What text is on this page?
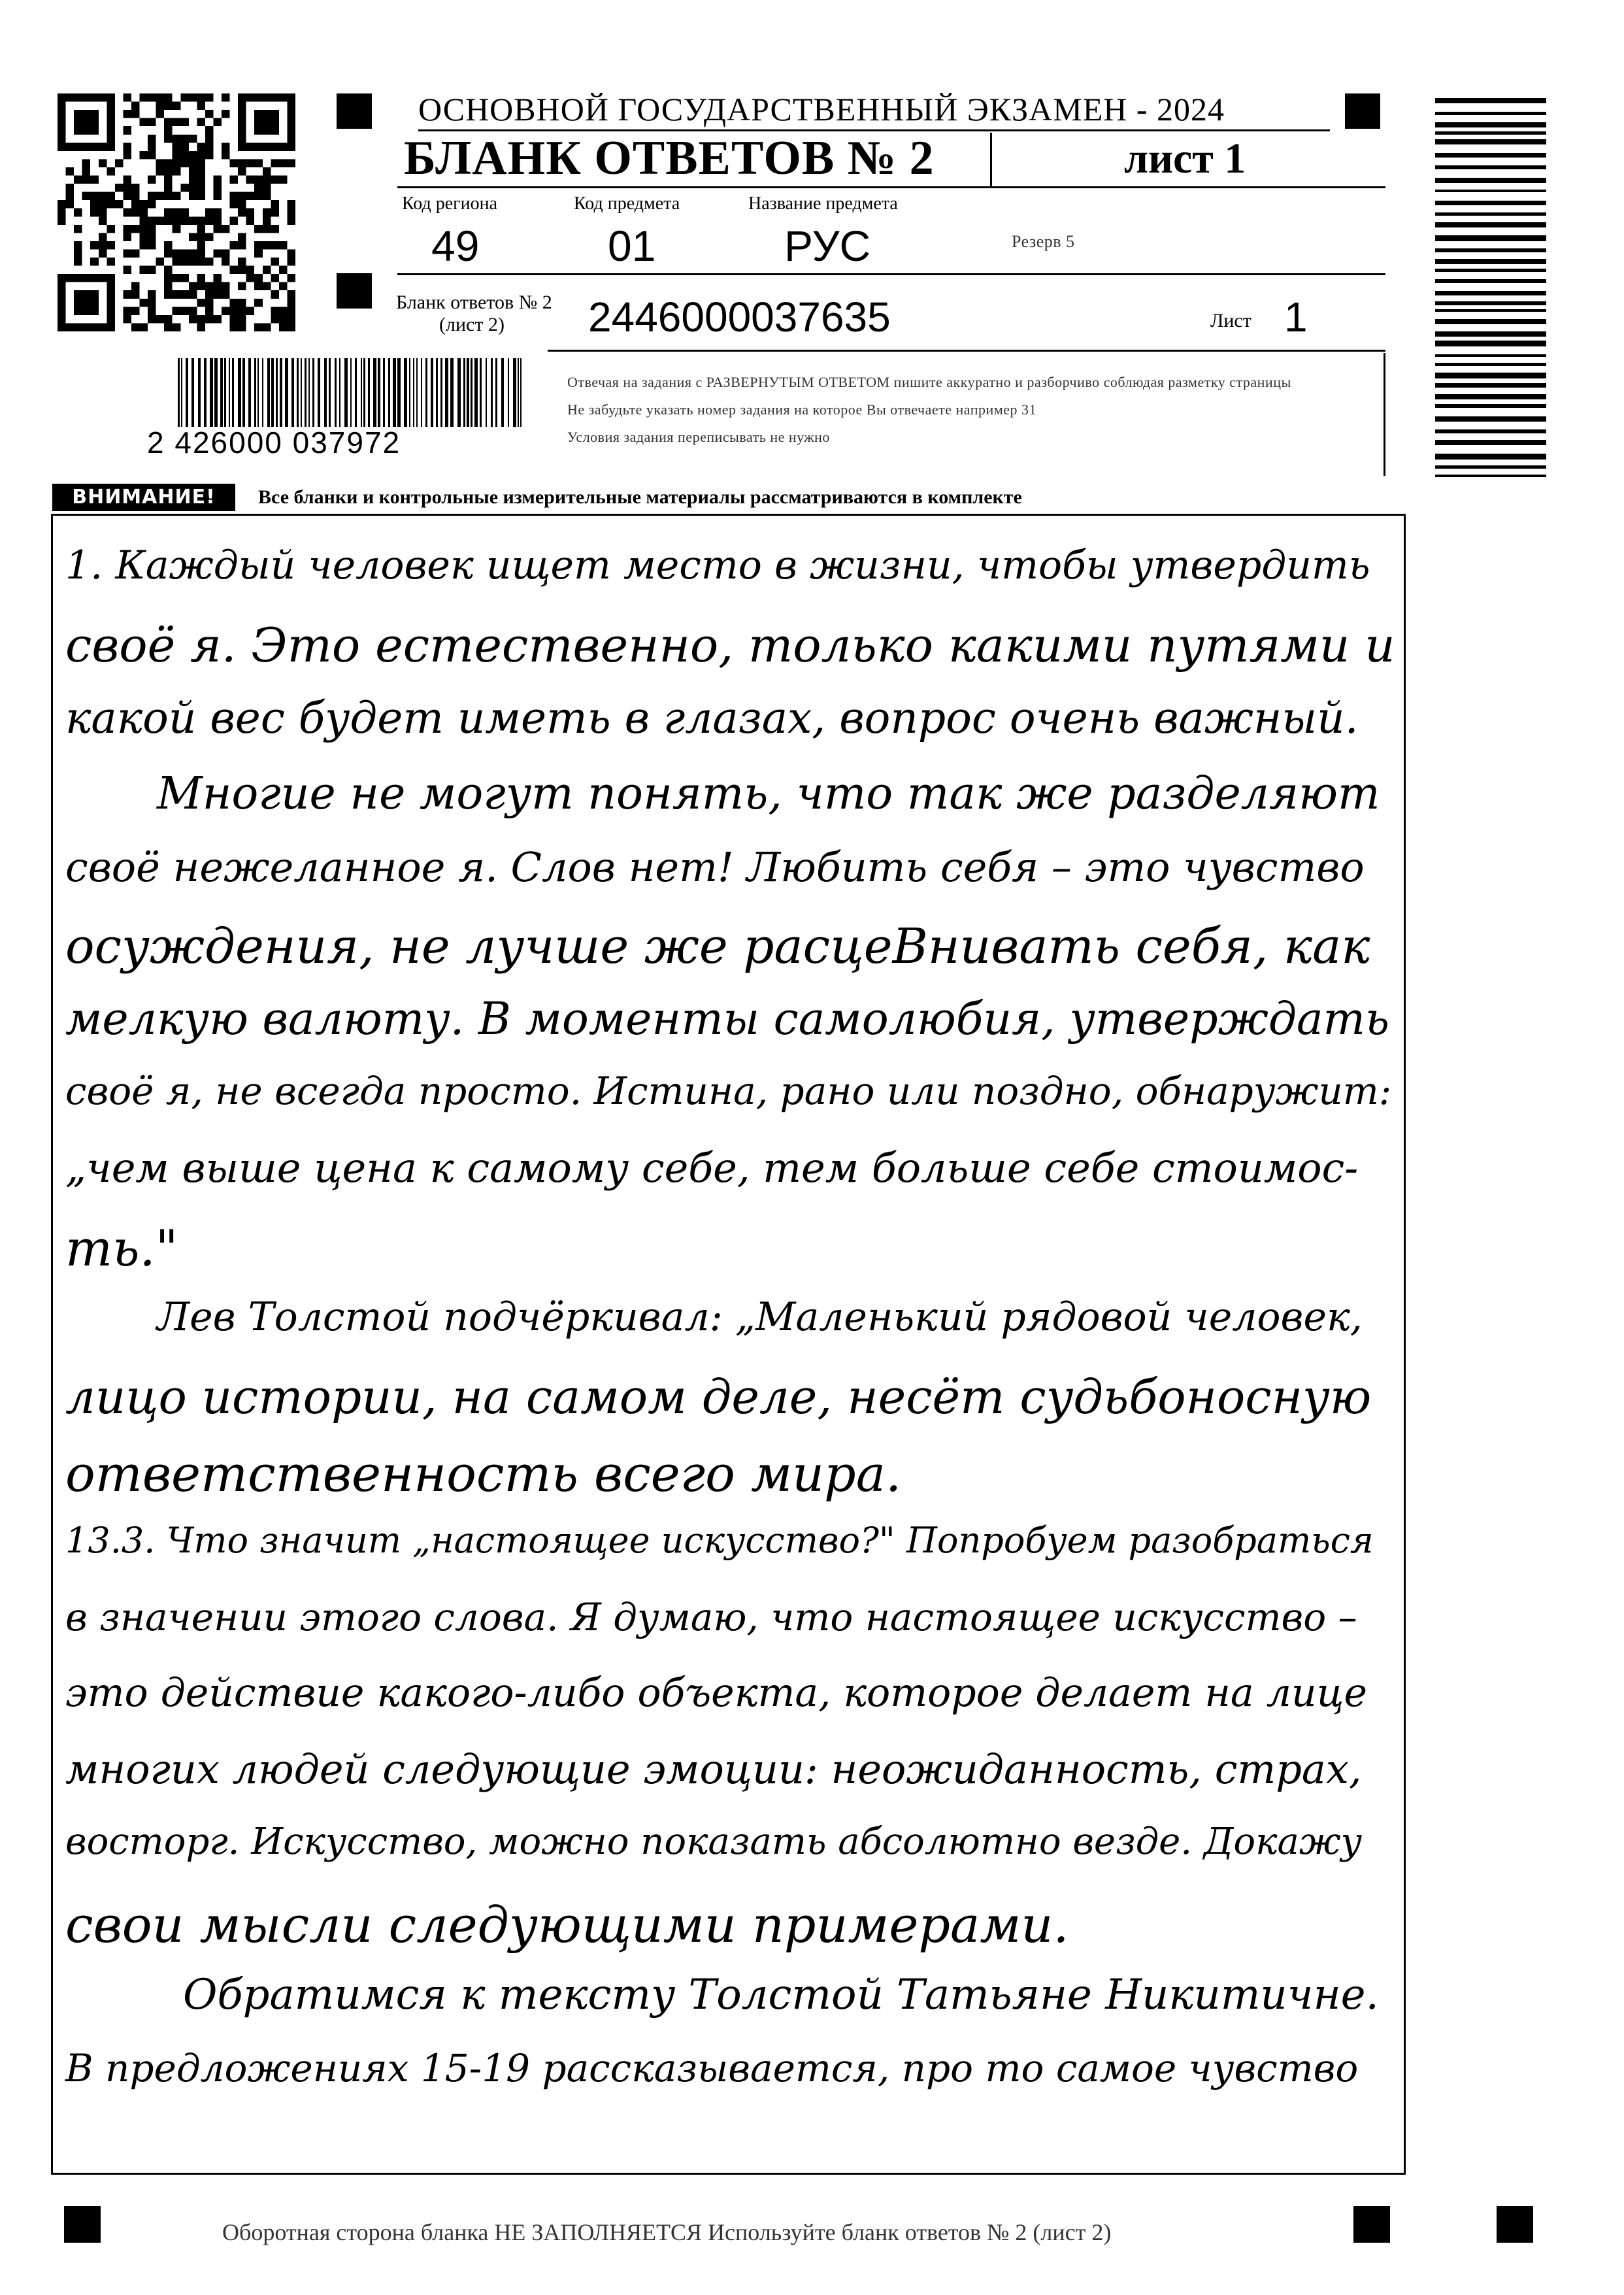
ОСНОВНОЙ ГОСУДАРСТВЕННЫЙ ЭКЗАМЕН - 2024
БЛАНК ОТВЕТОВ № 2	лист 1
Код региона
49
Код предмета
01
Название предмета
РУС	Резерв 5
Бланк ответов № 2
(лист 2) 2446000037635	Лист 1
Отвечая на задания с РАЗВЕРНУТЫМ ОТВЕТОМ пишите аккуратно и разборчиво соблюдая разметку страницы
Не забудьте указать номер задания на которое Вы отвечаете например 31
Условия задания переписывать не нужно
2 426000 037972
ВНИМАНИЕ!	Все бланки и контрольные измерительные материалы рассматриваются в комплекте
1. Каждый человек ищет место в жизни, чтобы утвердить
своё я. Это естественно, только какими путями и
какой вес будет иметь в глазах, вопрос очень важный.
Многие не могут понять, что так же разделяют
своё нежеланное я. Слов нет! Любить себя – это чувство
осуждения, не лучше же расцеВнивать себя, как
мелкую валюту. В моменты самолюбия, утверждать
своё я, не всегда просто. Истина, рано или поздно, обнаружит:
„чем выше цена к самому себе, тем больше себе стоимос-
ть."
Лев Толстой подчёркивал: „Маленький рядовой человек,
лицо истории, на самом деле, несёт судьбоносную
ответственность всего мира.
13.3. Что значит „настоящее искусство?" Попробуем разобраться
в значении этого слова. Я думаю, что настоящее искусство –
это действие какого-либо объекта, которое делает на лице
многих людей следующие эмоции: неожиданность, страх,
восторг. Искусство, можно показать абсолютно везде. Докажу
свои мысли следующими примерами.
Обратимся к тексту Толстой Татьяне Никитичне.
В предложениях 15-19 рассказывается, про то самое чувство
Оборотная сторона бланка НЕ ЗАПОЛНЯЕТСЯ Используйте бланк ответов № 2 (лист 2)
